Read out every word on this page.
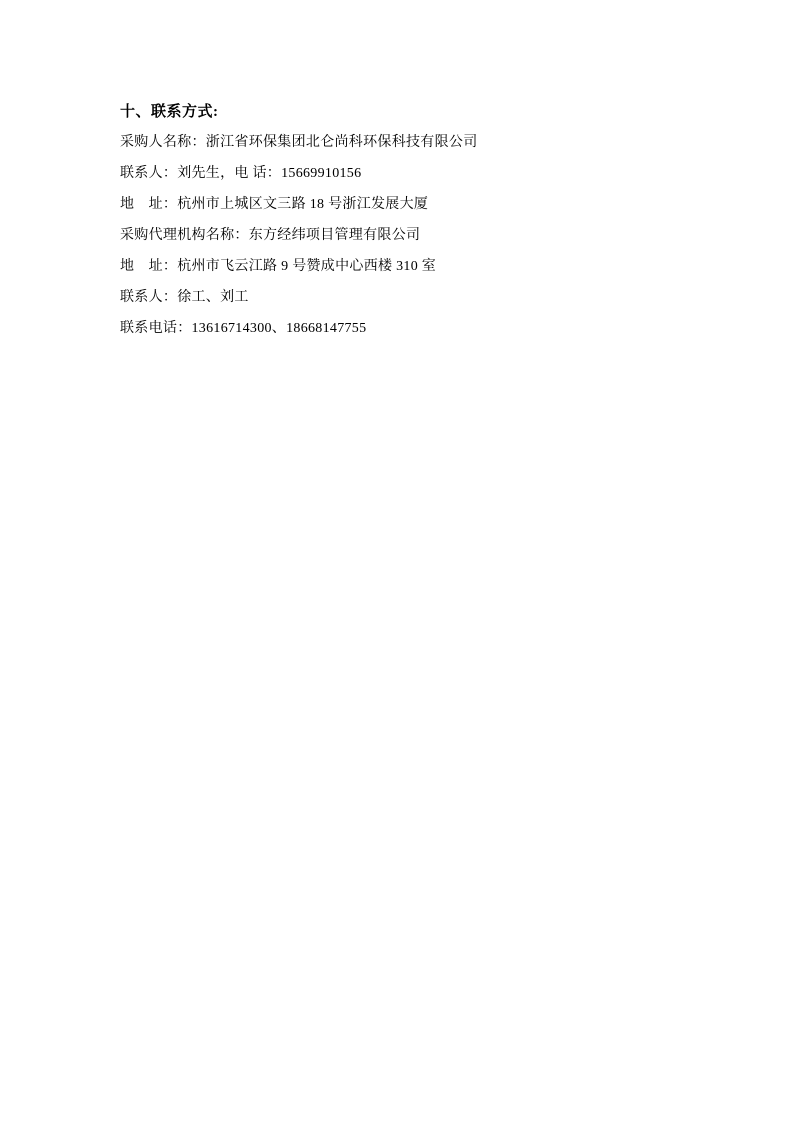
十、联系方式:

采购人名称：浙江省环保集团北仑尚科环保科技有限公司

联系人：刘先生，电 话：15669910156

地　址：杭州市上城区文三路 18 号浙江发展大厦

采购代理机构名称：东方经纬项目管理有限公司

地　址：杭州市飞云江路 9 号赞成中心西楼 310 室

联系人：徐工、刘工

联系电话：13616714300、18668147755
